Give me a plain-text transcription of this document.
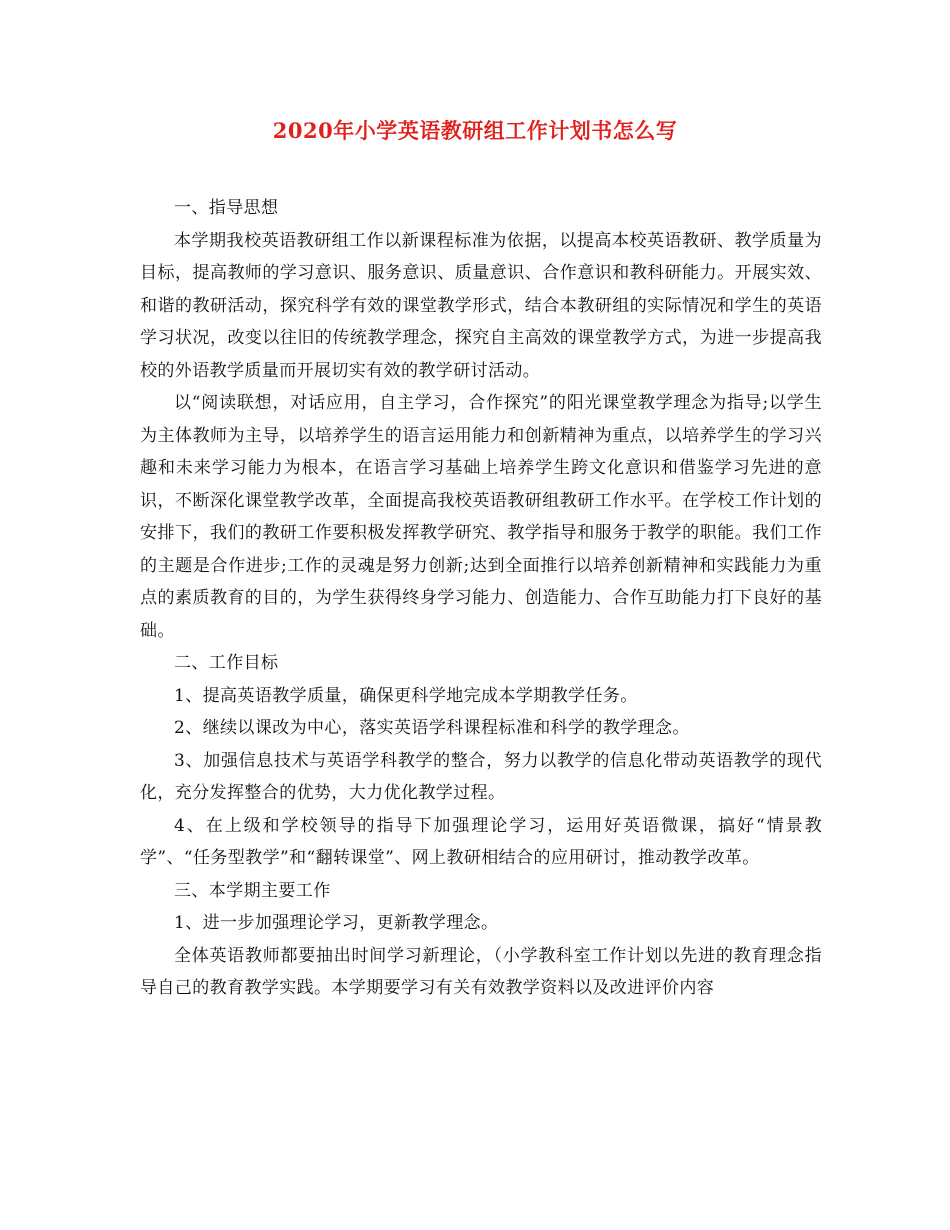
2020年小学英语教研组工作计划书怎么写

一、指导思想

本学期我校英语教研组工作以新课程标准为依据，以提高本校英语教研、教学质量为目标，提高教师的学习意识、服务意识、质量意识、合作意识和教科研能力。开展实效、和谐的教研活动，探究科学有效的课堂教学形式，结合本教研组的实际情况和学生的英语学习状况，改变以往旧的传统教学理念，探究自主高效的课堂教学方式，为进一步提高我校的外语教学质量而开展切实有效的教学研讨活动。

以“阅读联想，对话应用，自主学习，合作探究”的阳光课堂教学理念为指导;以学生为主体教师为主导，以培养学生的语言运用能力和创新精神为重点，以培养学生的学习兴趣和未来学习能力为根本，在语言学习基础上培养学生跨文化意识和借鉴学习先进的意识，不断深化课堂教学改革，全面提高我校英语教研组教研工作水平。在学校工作计划的安排下，我们的教研工作要积极发挥教学研究、教学指导和服务于教学的职能。我们工作的主题是合作进步;工作的灵魂是努力创新;达到全面推行以培养创新精神和实践能力为重点的素质教育的目的，为学生获得终身学习能力、创造能力、合作互助能力打下良好的基础。

二、工作目标

1、提高英语教学质量，确保更科学地完成本学期教学任务。

2、继续以课改为中心，落实英语学科课程标准和科学的教学理念。

3、加强信息技术与英语学科教学的整合，努力以教学的信息化带动英语教学的现代化，充分发挥整合的优势，大力优化教学过程。

4、在上级和学校领导的指导下加强理论学习，运用好英语微课，搞好“情景教学”、“任务型教学”和“翻转课堂”、网上教研相结合的应用研讨，推动教学改革。

三、本学期主要工作

1、进一步加强理论学习，更新教学理念。

全体英语教师都要抽出时间学习新理论，（小学教科室工作计划以先进的教育理念指导自己的教育教学实践。本学期要学习有关有效教学资料以及改进评价内容
